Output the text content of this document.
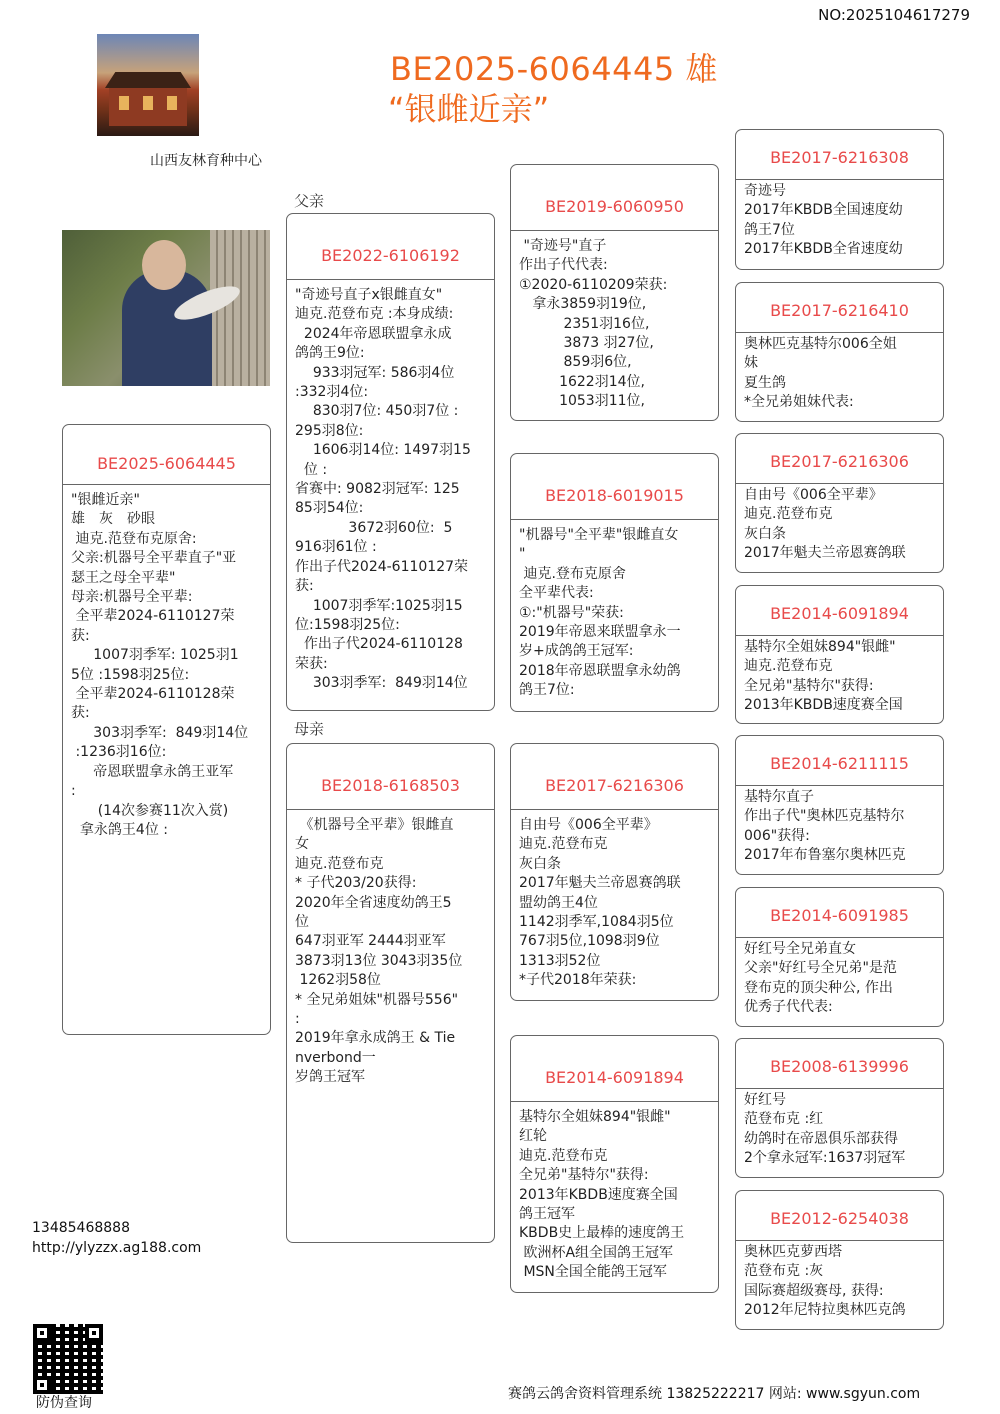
NO:2025104617279
山西友林育种中心
BE2025-6064445 雄
“银雌近亲”
父亲
母亲
BE2025-6064445
"银雌近亲"
雄　灰　砂眼
迪克.范登布克原舍:
父亲:机器号全平辈直子"亚
瑟王之母全平辈"
母亲:机器号全平辈:
全平辈2024-6110127荣
获:
1007羽季军: 1025羽1
5位 :1598羽25位:
全平辈2024-6110128荣
获:
303羽季军:  849羽14位
:1236羽16位:
帝恩联盟拿永鸽王亚军
:
(14次参赛11次入赏)
拿永鸽王4位 :
BE2022-6106192
"奇迹号直子x银雌直女"
迪克.范登布克 :本身成绩:
2024年帝恩联盟拿永成
鸽鸽王9位:
933羽冠军: 586羽4位
:332羽4位:
830羽7位: 450羽7位 :
295羽8位:
1606羽14位: 1497羽15
位 :
省赛中: 9082羽冠军: 125
85羽54位:
3672羽60位:  5
916羽61位 :
作出子代2024-6110127荣
获:
1007羽季军:1025羽15
位:1598羽25位:
作出子代2024-6110128
荣获:
303羽季军:  849羽14位
BE2018-6168503
《机器号全平辈》银雌直
女
迪克.范登布克
* 子代203/20获得:
2020年全省速度幼鸽王5
位
647羽亚军 2444羽亚军
3873羽13位 3043羽35位
1262羽58位
* 全兄弟姐妹"机器号556"
:
2019年拿永成鸽王 & Tie
nverbond一
岁鸽王冠军
BE2019-6060950
"奇迹号"直子
作出子代代表:
①2020-6110209荣获:
拿永3859羽19位,
2351羽16位,
3873 羽27位,
859羽6位,
1622羽14位,
1053羽11位,
BE2018-6019015
"机器号"全平辈"银雌直女
"
迪克.登布克原舍
全平辈代表:
①:"机器号"荣获:
2019年帝恩来联盟拿永一
岁+成鸽鸽王冠军:
2018年帝恩联盟拿永幼鸽
鸽王7位:
BE2017-6216306
自由号《006全平辈》
迪克.范登布克
灰白条
2017年魁夫兰帝恩赛鸽联
盟幼鸽王4位
1142羽季军,1084羽5位
767羽5位,1098羽9位
1313羽52位
*子代2018年荣获:
BE2014-6091894
基特尔全姐妹894"银雌"
红轮
迪克.范登布克
全兄弟"基特尔"获得:
2013年KBDB速度赛全国
鸽王冠军
KBDB史上最棒的速度鸽王
欧洲杯A组全国鸽王冠军
MSN全国全能鸽王冠军
BE2017-6216308
奇迹号
2017年KBDB全国速度幼
鸽王7位
2017年KBDB全省速度幼
BE2017-6216410
奥林匹克基特尔006全姐
妹
夏生鸽
*全兄弟姐妹代表:
BE2017-6216306
自由号《006全平辈》
迪克.范登布克
灰白条
2017年魁夫兰帝恩赛鸽联
BE2014-6091894
基特尔全姐妹894"银雌"
迪克.范登布克
全兄弟"基特尔"获得:
2013年KBDB速度赛全国
BE2014-6211115
基特尔直子
作出子代"奥林匹克基特尔
006"获得:
2017年布鲁塞尔奥林匹克
BE2014-6091985
好红号全兄弟直女
父亲"好红号全兄弟"是范
登布克的顶尖种公, 作出
优秀子代代表:
BE2008-6139996
好红号
范登布克 :红
幼鸽时在帝恩俱乐部获得
2个拿永冠军:1637羽冠军
BE2012-6254038
奥林匹克萝西塔
范登布克 :灰
国际赛超级赛母, 获得:
2012年尼特拉奥林匹克鸽
13485468888
http://ylyzzx.ag188.com
防伪查询
赛鸽云鸽舍资料管理系统 13825222217 网站: www.sgyun.com
